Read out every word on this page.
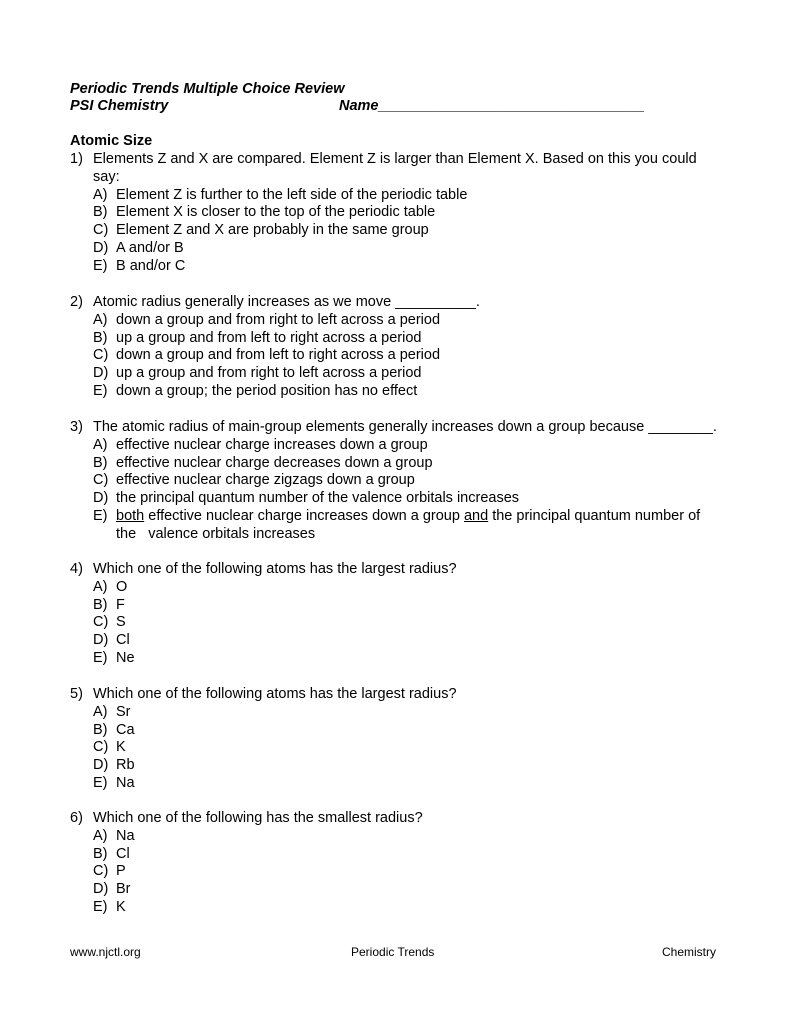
Periodic Trends Multiple Choice Review
PSI Chemistry	Name_________________________________
Atomic Size
1) Elements Z and X are compared. Element Z is larger than Element X. Based on this you could say:
A) Element Z is further to the left side of the periodic table
B) Element X is closer to the top of the periodic table
C) Element Z and X are probably in the same group
D) A and/or B
E) B and/or C
2) Atomic radius generally increases as we move __________.
A) down a group and from right to left across a period
B) up a group and from left to right across a period
C) down a group and from left to right across a period
D) up a group and from right to left across a period
E) down a group; the period position has no effect
3) The atomic radius of main-group elements generally increases down a group because ________.
A) effective nuclear charge increases down a group
B) effective nuclear charge decreases down a group
C) effective nuclear charge zigzags down a group
D) the principal quantum number of the valence orbitals increases
E) both effective nuclear charge increases down a group and the principal quantum number of the   valence orbitals increases
4) Which one of the following atoms has the largest radius?
A) O
B) F
C) S
D) Cl
E) Ne
5) Which one of the following atoms has the largest radius?
A) Sr
B) Ca
C) K
D) Rb
E) Na
6) Which one of the following has the smallest radius?
A) Na
B) Cl
C) P
D) Br
E) K
www.njctl.org	Periodic Trends	Chemistry
